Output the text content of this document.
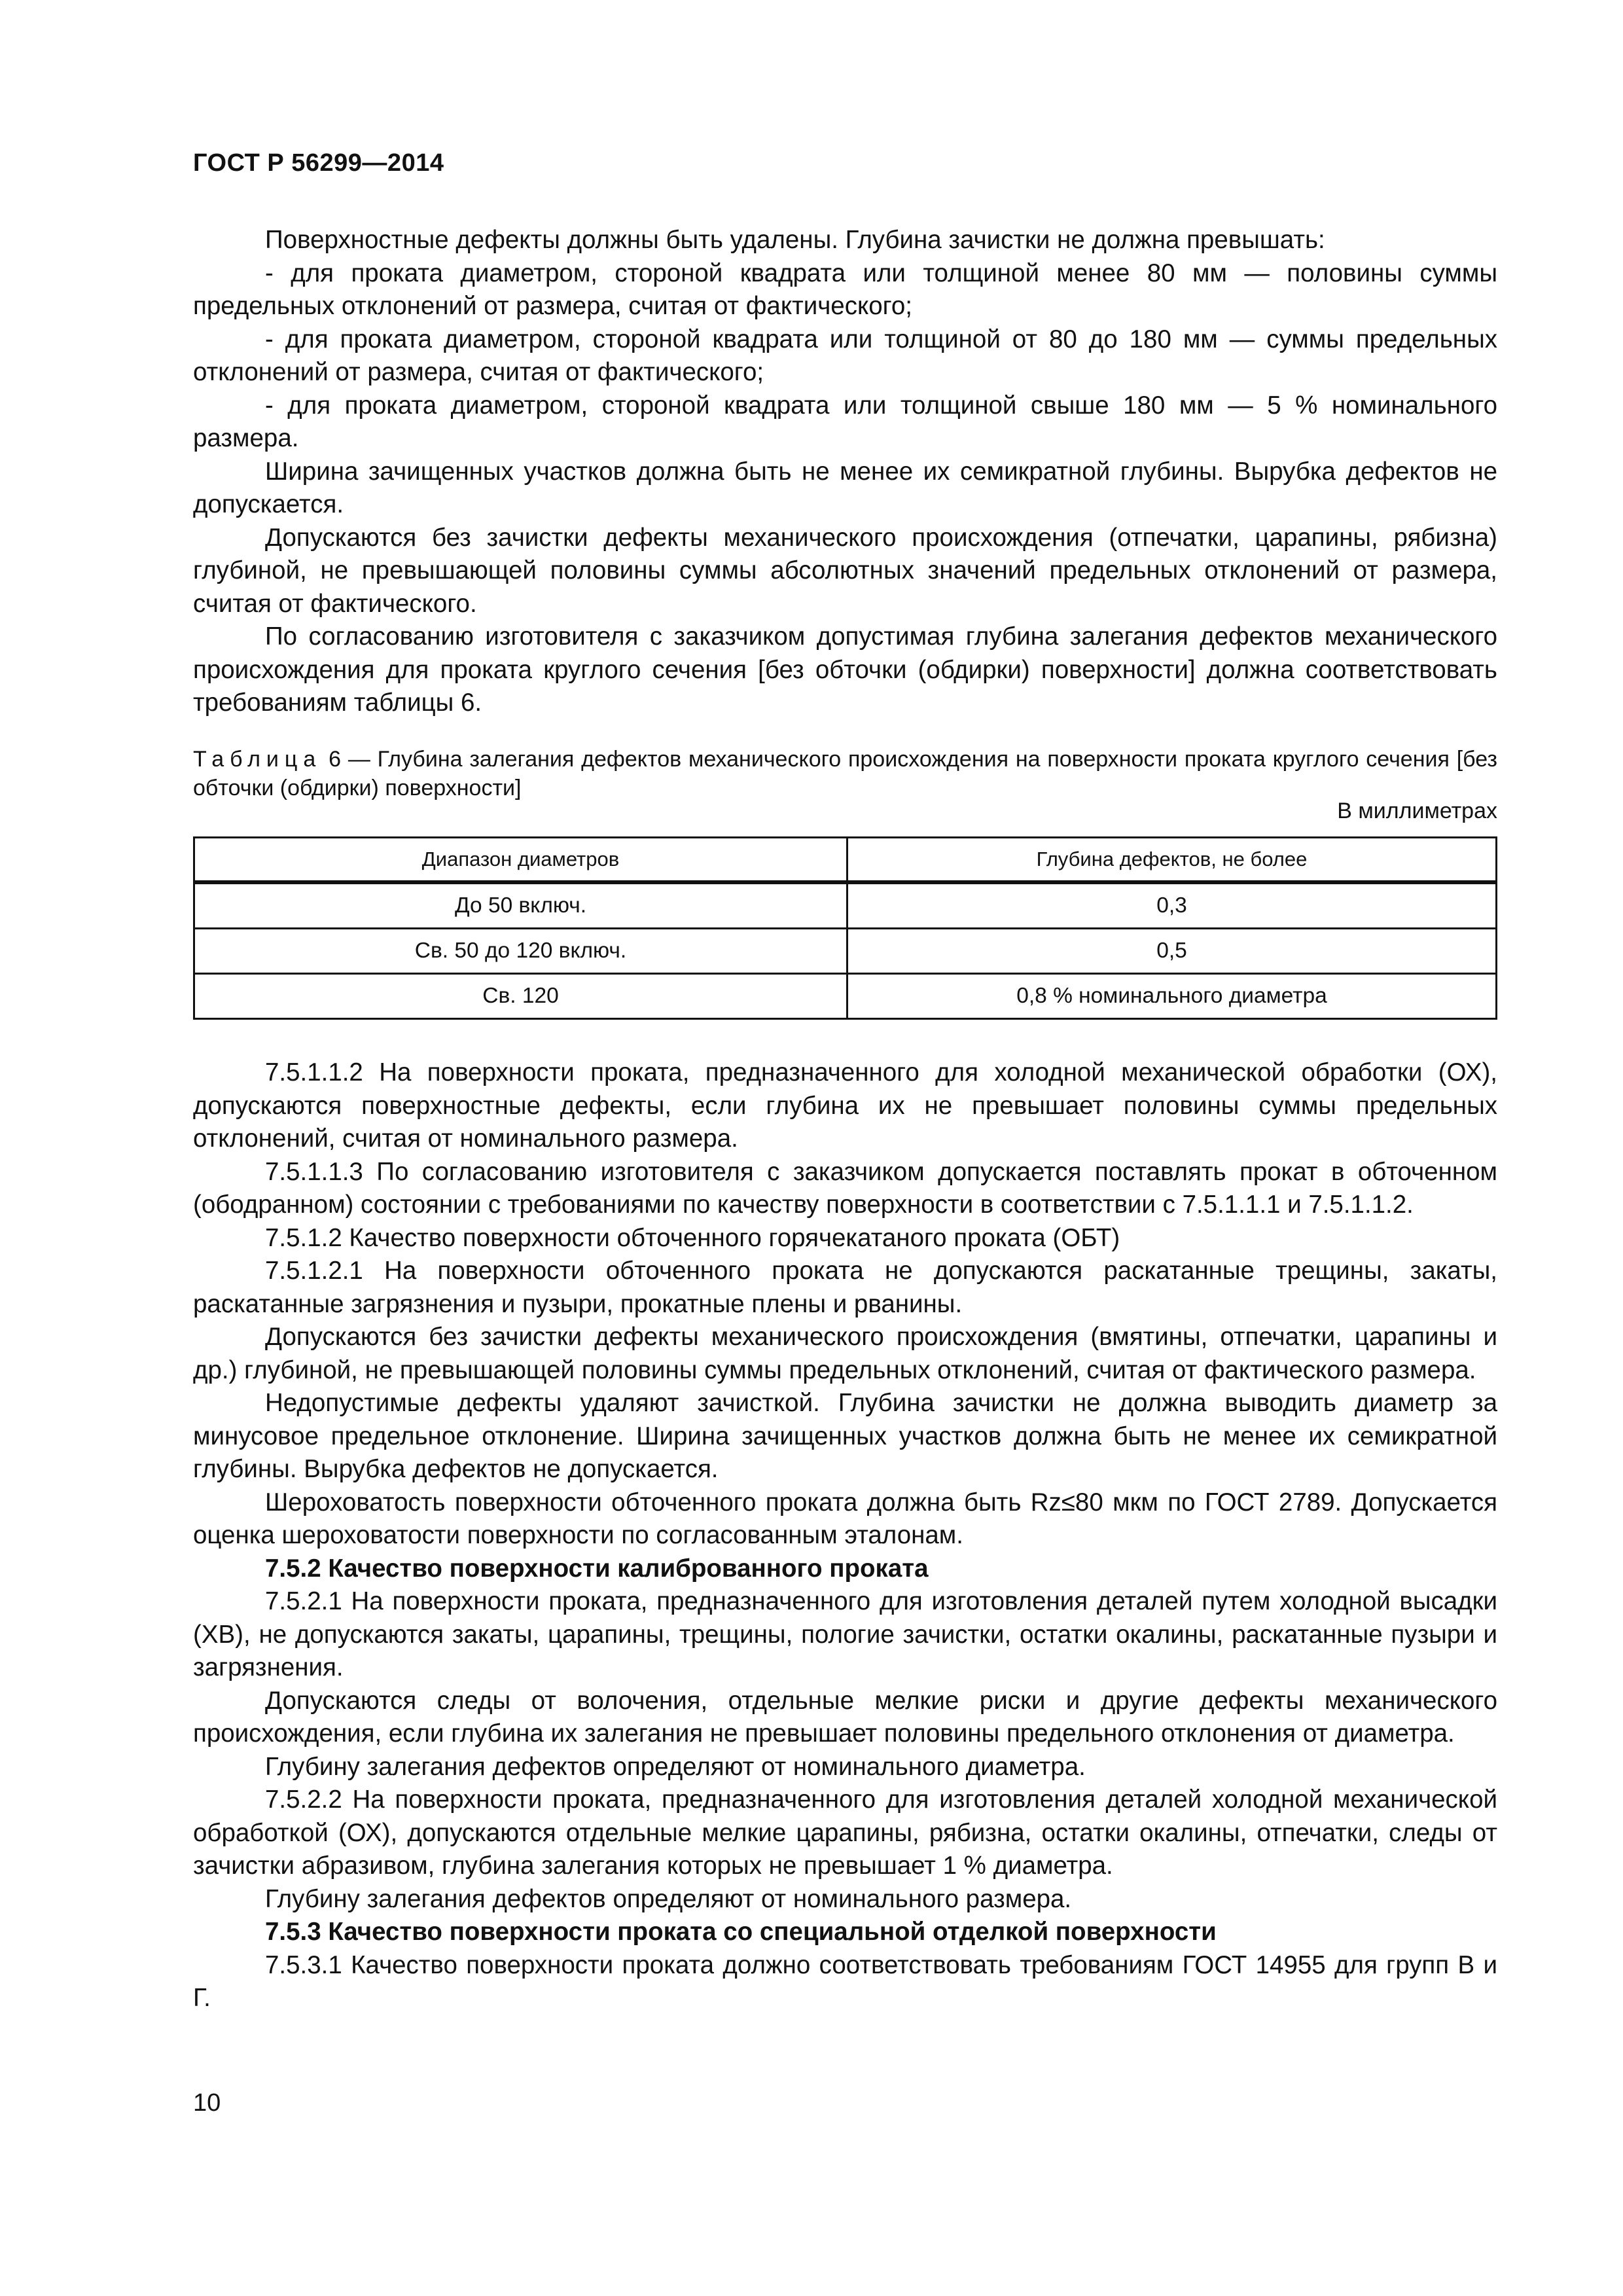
ГОСТ Р 56299—2014

Поверхностные дефекты должны быть удалены. Глубина зачистки не должна превышать:

- для проката диаметром, стороной квадрата или толщиной менее 80 мм — половины суммы предельных отклонений от размера, считая от фактического;

- для проката диаметром, стороной квадрата или толщиной от 80 до 180 мм — суммы предельных отклонений от размера, считая от фактического;

- для проката диаметром, стороной квадрата или толщиной свыше 180 мм — 5 % номинального размера.

Ширина зачищенных участков должна быть не менее их семикратной глубины. Вырубка дефектов не допускается.

Допускаются без зачистки дефекты механического происхождения (отпечатки, царапины, рябизна) глубиной, не превышающей половины суммы абсолютных значений предельных отклонений от размера, считая от фактического.

По согласованию изготовителя с заказчиком допустимая глубина залегания дефектов механического происхождения для проката круглого сечения [без обточки (обдирки) поверхности] должна соответствовать требованиям таблицы 6.

Таблица 6 — Глубина залегания дефектов механического происхождения на поверхности проката круглого сечения [без обточки (обдирки) поверхности]
В миллиметрах
Диапазон диаметров	Глубина дефектов, не более
До 50 включ.	0,3
Св. 50 до 120 включ.	0,5
Св. 120	0,8 % номинального диаметра

7.5.1.1.2 На поверхности проката, предназначенного для холодной механической обработки (ОХ), допускаются поверхностные дефекты, если глубина их не превышает половины суммы предельных отклонений, считая от номинального размера.

7.5.1.1.3 По согласованию изготовителя с заказчиком допускается поставлять прокат в обточенном (ободранном) состоянии с требованиями по качеству поверхности в соответствии с 7.5.1.1.1 и 7.5.1.1.2.

7.5.1.2 Качество поверхности обточенного горячекатаного проката (ОБТ)

7.5.1.2.1 На поверхности обточенного проката не допускаются раскатанные трещины, закаты, раскатанные загрязнения и пузыри, прокатные плены и рванины.

Допускаются без зачистки дефекты механического происхождения (вмятины, отпечатки, царапины и др.) глубиной, не превышающей половины суммы предельных отклонений, считая от фактического размера.

Недопустимые дефекты удаляют зачисткой. Глубина зачистки не должна выводить диаметр за минусовое предельное отклонение. Ширина зачищенных участков должна быть не менее их семикратной глубины. Вырубка дефектов не допускается.

Шероховатость поверхности обточенного проката должна быть Rz≤80 мкм по ГОСТ 2789. Допускается оценка шероховатости поверхности по согласованным эталонам.

7.5.2 Качество поверхности калиброванного проката

7.5.2.1 На поверхности проката, предназначенного для изготовления деталей путем холодной высадки (ХВ), не допускаются закаты, царапины, трещины, пологие зачистки, остатки окалины, раскатанные пузыри и загрязнения.

Допускаются следы от волочения, отдельные мелкие риски и другие дефекты механического происхождения, если глубина их залегания не превышает половины предельного отклонения от диаметра.

Глубину залегания дефектов определяют от номинального диаметра.

7.5.2.2 На поверхности проката, предназначенного для изготовления деталей холодной механической обработкой (ОХ), допускаются отдельные мелкие царапины, рябизна, остатки окалины, отпечатки, следы от зачистки абразивом, глубина залегания которых не превышает 1 % диаметра.

Глубину залегания дефектов определяют от номинального размера.

7.5.3 Качество поверхности проката со специальной отделкой поверхности

7.5.3.1 Качество поверхности проката должно соответствовать требованиям ГОСТ 14955 для групп В и Г.

10
